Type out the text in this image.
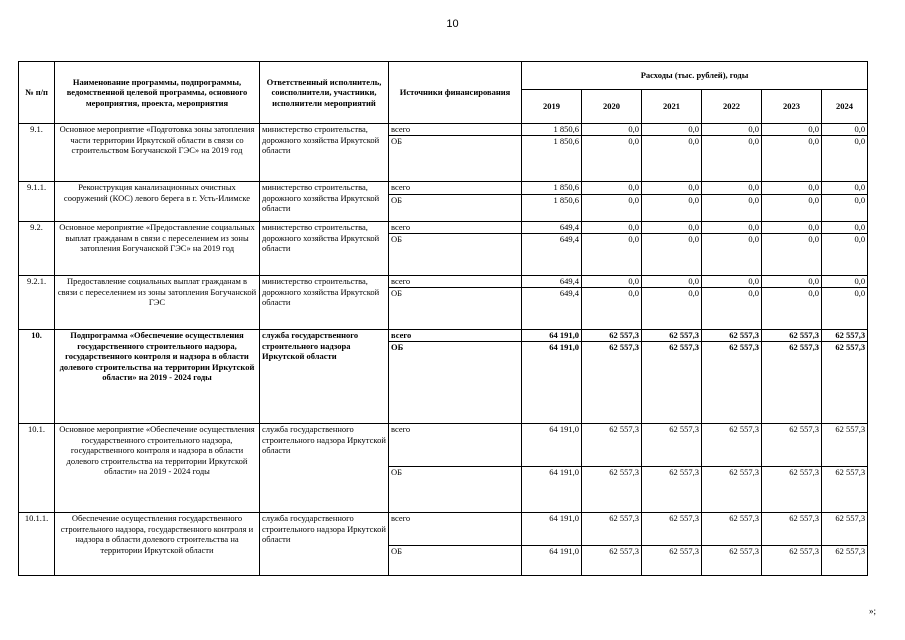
10
№ п/п	Наименование программы, подпрограммы, ведомственной целевой программы, основного мероприятия, проекта, мероприятия	Ответственный исполнитель, соисполнители, участники, исполнители мероприятий	Источники финансирования	Расходы (тыс. рублей), годы					
				2019	2020	2021	2022	2023	2024
9.1.	Основное мероприятие «Подготовка зоны затопления части территории Иркутской области в связи со строительством Богучанской ГЭС» на 2019 год	министерство строительства, дорожного хозяйства Иркутской области	всего	1 850,6	0,0	0,0	0,0	0,0	0,0
			ОБ	1 850,6	0,0	0,0	0,0	0,0	0,0
9.1.1.	Реконструкция канализационных очистных сооружений (КОС) левого берега в г. Усть-Илимске	министерство строительства, дорожного хозяйства Иркутской области	всего	1 850,6	0,0	0,0	0,0	0,0	0,0
			ОБ	1 850,6	0,0	0,0	0,0	0,0	0,0
9.2.	Основное мероприятие «Предоставление социальных выплат гражданам в связи с переселением из зоны затопления Богучанской ГЭС» на 2019 год	министерство строительства, дорожного хозяйства Иркутской области	всего	649,4	0,0	0,0	0,0	0,0	0,0
			ОБ	649,4	0,0	0,0	0,0	0,0	0,0
9.2.1.	Предоставление социальных выплат гражданам в связи с переселением из зоны затопления Богучанской ГЭС	министерство строительства, дорожного хозяйства Иркутской области	всего	649,4	0,0	0,0	0,0	0,0	0,0
			ОБ	649,4	0,0	0,0	0,0	0,0	0,0
10.	Подпрограмма «Обеспечение осуществления государственного строительного надзора, государственного контроля и надзора в области долевого строительства на территории Иркутской области» на 2019 - 2024 годы	служба государственного строительного надзора Иркутской области	всего	64 191,0	62 557,3	62 557,3	62 557,3	62 557,3	62 557,3
			ОБ	64 191,0	62 557,3	62 557,3	62 557,3	62 557,3	62 557,3
10.1.	Основное мероприятие «Обеспечение осуществления государственного строительного надзора, государственного контроля и надзора в области долевого строительства на территории Иркутской области» на 2019 - 2024 годы	служба государственного строительного надзора Иркутской области	всего	64 191,0	62 557,3	62 557,3	62 557,3	62 557,3	62 557,3
			ОБ	64 191,0	62 557,3	62 557,3	62 557,3	62 557,3	62 557,3
10.1.1.	Обеспечение осуществления государственного строительного надзора, государственного контроля и надзора в области долевого строительства на территории Иркутской области	служба государственного строительного надзора Иркутской области	всего	64 191,0	62 557,3	62 557,3	62 557,3	62 557,3	62 557,3
			ОБ	64 191,0	62 557,3	62 557,3	62 557,3	62 557,3	62 557,3
»;
